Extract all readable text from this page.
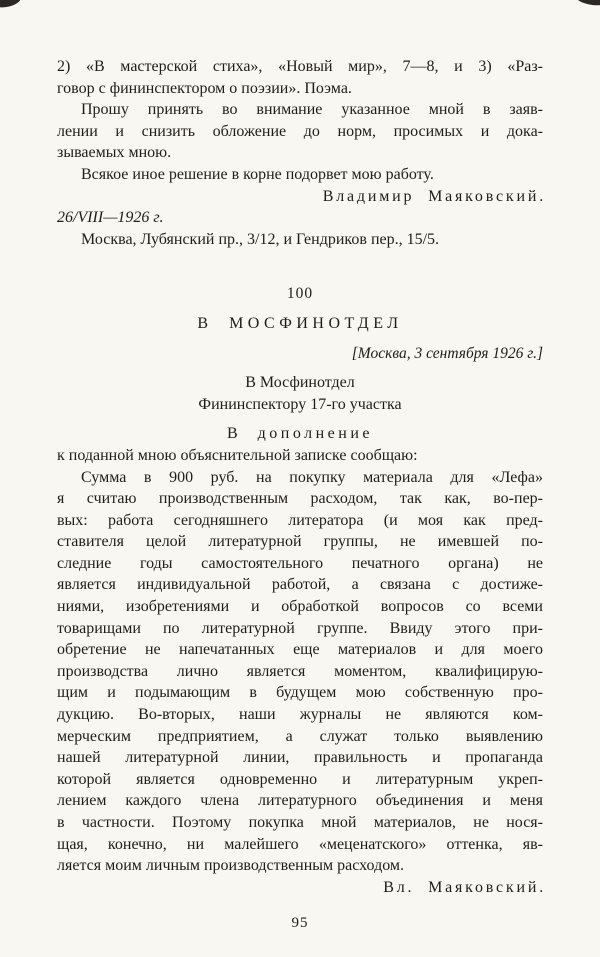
2) «В мастерской стиха», «Новый мир», 7—8, и 3) «Раз-
говор с фининспектором о поэзии». Поэма.
Прошу принять во внимание указанное мной в заяв-
лении и снизить обложение до норм, просимых и дока-
зываемых мною.
Всякое иное решение в корне подорвет мою работу.
Владимир Маяковский.
26/VIII—1926 г.
Москва, Лубянский пр., 3/12, и Гендриков пер., 15/5.
100
В МОСФИНОТДЕЛ
[Москва, 3 сентября 1926 г.]
В Мосфинотдел
Фининспектору 17-го участка
В дополнение
к поданной мною объяснительной записке сообщаю:
Сумма в 900 руб. на покупку материала для «Лефа»
я считаю производственным расходом, так как, во-пер-
вых: работа сегодняшнего литератора (и моя как пред-
ставителя целой литературной группы, не имевшей по-
следние годы самостоятельного печатного органа) не
является индивидуальной работой, а связана с достиже-
ниями, изобретениями и обработкой вопросов со всеми
товарищами по литературной группе. Ввиду этого при-
обретение не напечатанных еще материалов и для моего
производства лично является моментом, квалифицирую-
щим и подымающим в будущем мою собственную про-
дукцию. Во-вторых, наши журналы не являются ком-
мерческим предприятием, а служат только выявлению
нашей литературной линии, правильность и пропаганда
которой является одновременно и литературным укреп-
лением каждого члена литературного объединения и меня
в частности. Поэтому покупка мной материалов, не нося-
щая, конечно, ни малейшего «меценатского» оттенка, яв-
ляется моим личным производственным расходом.
Вл. Маяковский.
95
